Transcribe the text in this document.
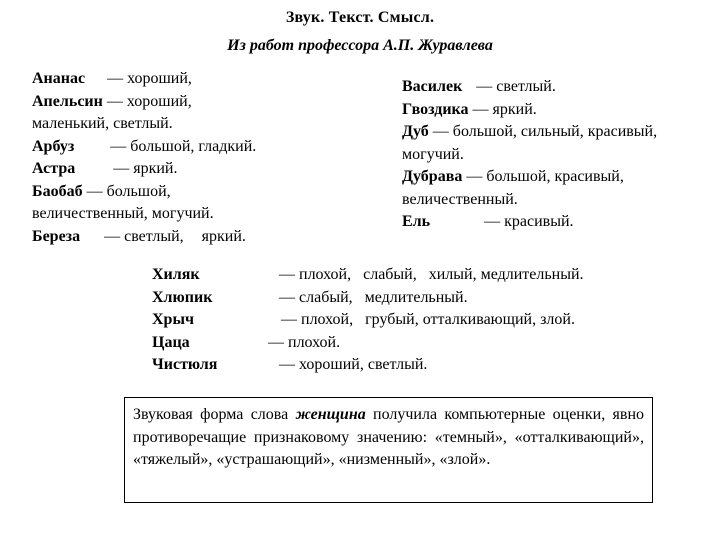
Звук. Текст. Смысл.
Из работ профессора А.П. Журавлева
Ананас — хороший,
Апельсин — хороший,
маленький, светлый.
Арбуз — большой, гладкий.
Астра — яркий.
Баобаб — большой,
величественный, могучий.
Береза — светлый, яркий.
Василек — светлый.
Гвоздика — яркий.
Дуб — большой, сильный, красивый,
могучий.
Дубрава — большой, красивый,
величественный.
Ель	— красивый.
Хиляк	— плохой,   слабый,   хилый, медлительный.
Хлюпик	— слабый,   медлительный.
Хрыч	— плохой,   грубый, отталкивающий, злой.
Цаца	— плохой.
Чистюля	— хороший, светлый.
Звуковая форма слова женщина получила компьютерные оценки, явно противоречащие признаковому значению: «темный», «отталкивающий», «тяжелый», «устрашающий», «низменный», «злой».
